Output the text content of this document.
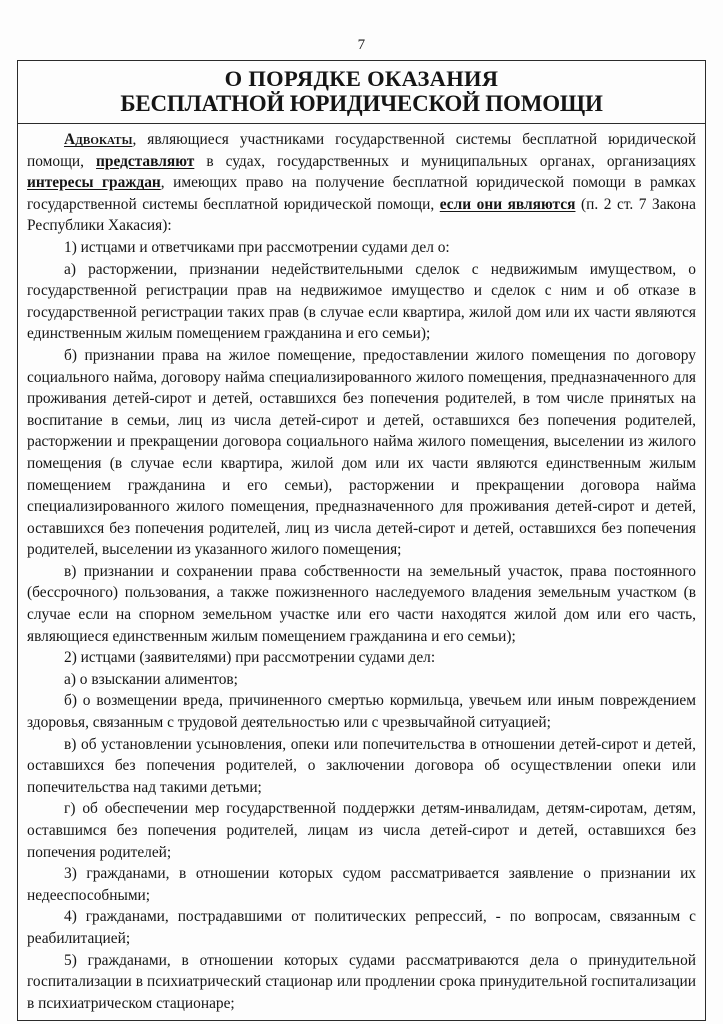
7
О ПОРЯДКЕ ОКАЗАНИЯ
БЕСПЛАТНОЙ ЮРИДИЧЕСКОЙ ПОМОЩИ

Адвокаты, являющиеся участниками государственной системы бесплатной юридической помощи, представляют в судах, государственных и муниципальных органах, организациях интересы граждан, имеющих право на получение бесплатной юридической помощи в рамках государственной системы бесплатной юридической помощи, если они являются (п. 2 ст. 7 Закона Республики Хакасия):

1) истцами и ответчиками при рассмотрении судами дел о:

а) расторжении, признании недействительными сделок с недвижимым имуществом, о государственной регистрации прав на недвижимое имущество и сделок с ним и об отказе в государственной регистрации таких прав (в случае если квартира, жилой дом или их части являются единственным жилым помещением гражданина и его семьи);

б) признании права на жилое помещение, предоставлении жилого помещения по договору социального найма, договору найма специализированного жилого помещения, предназначенного для проживания детей-сирот и детей, оставшихся без попечения родителей, в том числе принятых на воспитание в семьи, лиц из числа детей-сирот и детей, оставшихся без попечения родителей, расторжении и прекращении договора социального найма жилого помещения, выселении из жилого помещения (в случае если квартира, жилой дом или их части являются единственным жилым помещением гражданина и его семьи), расторжении и прекращении договора найма специализированного жилого помещения, предназначенного для проживания детей-сирот и детей, оставшихся без попечения родителей, лиц из числа детей-сирот и детей, оставшихся без попечения родителей, выселении из указанного жилого помещения;

в) признании и сохранении права собственности на земельный участок, права постоянного (бессрочного) пользования, а также пожизненного наследуемого владения земельным участком (в случае если на спорном земельном участке или его части находятся жилой дом или его часть, являющиеся единственным жилым помещением гражданина и его семьи);

2) истцами (заявителями) при рассмотрении судами дел:

а) о взыскании алиментов;

б) о возмещении вреда, причиненного смертью кормильца, увечьем или иным повреждением здоровья, связанным с трудовой деятельностью или с чрезвычайной ситуацией;

в) об установлении усыновления, опеки или попечительства в отношении детей-сирот и детей, оставшихся без попечения родителей, о заключении договора об осуществлении опеки или попечительства над такими детьми;

г) об обеспечении мер государственной поддержки детям-инвалидам, детям-сиротам, детям, оставшимся без попечения родителей, лицам из числа детей-сирот и детей, оставшихся без попечения родителей;

3) гражданами, в отношении которых судом рассматривается заявление о признании их недееспособными;

4) гражданами, пострадавшими от политических репрессий, - по вопросам, связанным с реабилитацией;

5) гражданами, в отношении которых судами рассматриваются дела о принудительной госпитализации в психиатрический стационар или продлении срока принудительной госпитализации в психиатрическом стационаре;
